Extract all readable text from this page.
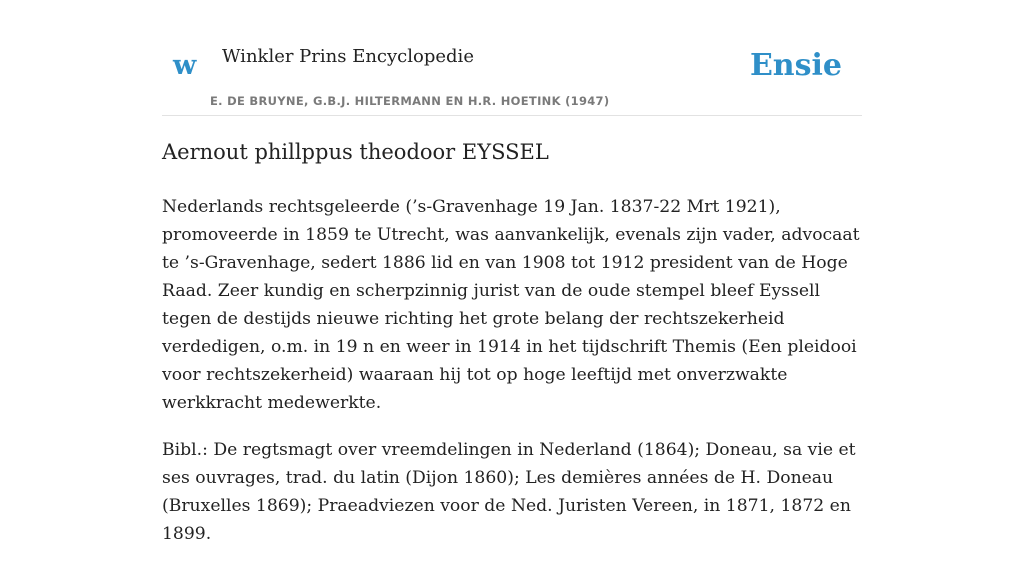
w Winkler Prins Encyclopedie
E. DE BRUYNE, G.B.J. HILTERMANN EN H.R. HOETINK (1947)
Ensie
Aernout phillppus theodoor EYSSEL

Nederlands rechtsgeleerde (’s-Gravenhage 19 Jan. 1837-22 Mrt 1921), promoveerde in 1859 te Utrecht, was aanvankelijk, evenals zijn vader, advocaat te ’s-Gravenhage, sedert 1886 lid en van 1908 tot 1912 president van de Hoge Raad. Zeer kundig en scherpzinnig jurist van de oude stempel bleef Eyssell tegen de destijds nieuwe richting het grote belang der rechtszekerheid verdedigen, o.m. in 19 n en weer in 1914 in het tijdschrift Themis (Een pleidooi voor rechtszekerheid) waaraan hij tot op hoge leeftijd met onverzwakte werkkracht medewerkte.

Bibl.: De regtsmagt over vreemdelingen in Nederland (1864); Doneau, sa vie et ses ouvrages, trad. du latin (Dijon 1860); Les demières années de H. Doneau (Bruxelles 1869); Praeadviezen voor de Ned. Juristen Vereen, in 1871, 1872 en 1899.
